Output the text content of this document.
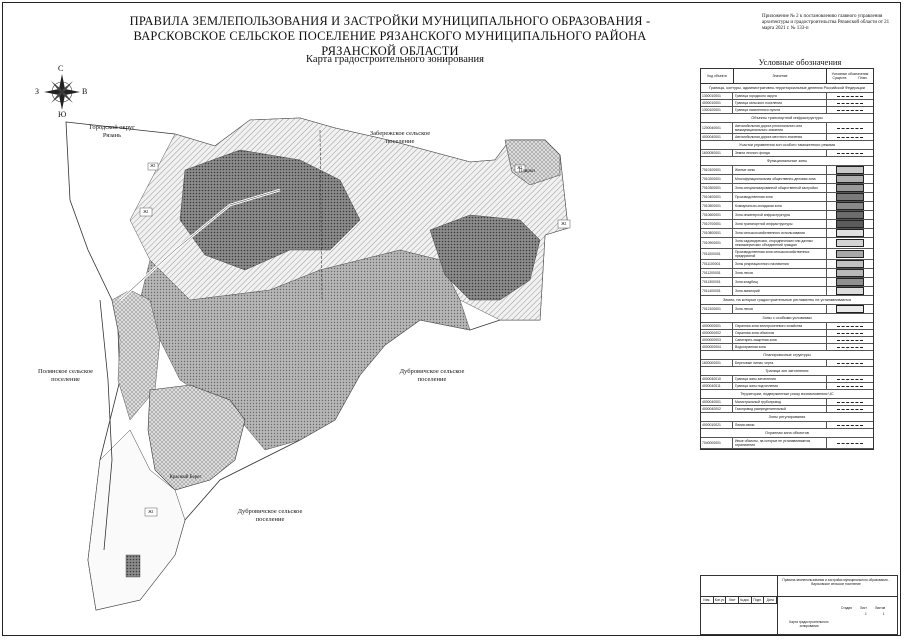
ПРАВИЛА ЗЕМЛЕПОЛЬЗОВАНИЯ И ЗАСТРОЙКИ МУНИЦИПАЛЬНОГО ОБРАЗОВАНИЯ - ВАРСКОВСКОЕ СЕЛЬСКОЕ ПОСЕЛЕНИЕ РЯЗАНСКОГО МУНИЦИПАЛЬНОГО РАЙОНА РЯЗАНСКОЙ ОБЛАСТИ
Карта градостроительного зонирования
Приложение № 2 к постановлению главного управления архитектуры и градостроительства Рязанской области от 21 марта 2021 г. № 133-п
С
Ю
З	В
Городской округ Рязань	Забережское сельское поселение
Поярки
Полянское сельское поселение
Дубровичское сельское поселение
Дубровичское сельское поселение
Красный Берег
Ж1
Ж1
Ж1
Ж1
Ж1
Условные обозначения
Код объекта	Значение	Условные обозначения
Существ.	План.
Границы, контуры, административно-территориальные деления Российской Федерации
1300010001	Граница городского округа
4000010001	Граница сельского поселения
1300100001	Граница населенного пункта
Объекты транспортной инфраструктуры
1200040001	Автомобильная дорога регионального или межмуниципального значения
4000040001	Автомобильная дорога местного значения
Участки управления зон особого таможенного режима
1600050001	Земли лесного фонда
Функциональные зоны
7010100001	Жилые зоны
7010200001	Многофункциональная общественно-деловая зона
7010300001	Зона специализированной общественной застройки
7010400001	Производственная зона
7010500001	Коммунально-складская зона
7010600001	Зона инженерной инфраструктуры
7010700001	Зона транспортной инфраструктуры
7010800001	Зона сельскохозяйственного использования
7010900001	Зона садоводческих, огороднических или дачных некоммерческих объединений граждан
7011000001	Производственная зона сельскохозяйственных предприятий
7011100001	Зоны рекреационного назначения
7011200001	Зона лесов
7011300001	Зона кладбищ
7011400001	Зона акваторий
Земли, на которые градостроительные регламенты не устанавливаются
7012100001	Зона лесов
Зоны с особыми условиями
4000000001	Охранная зона электросетевого хозяйства
4000000002	Охранная зона объектов
4000000003	Санитарно-защитная зона
4000000004	Водоохранная зона
Планировочные структуры
1600000001	Береговые линии, черта
Граница зон затопления
4000040010	Граница зоны затопления
4000040011	Граница зоны подтопления
Территории, подверженные риску возникновения ЧС
4000040001	Магистральный трубопровод
4000040002	Газопровод распределительный
Зоны регулирования
4000010021	Линия связи
Охранная зона объектов
7040000001	Иные объекты, на которые не устанавливаются ограничения
Правила землепользования и застройки муниципального образования - Варсковское сельское поселение
Изм.	Кол.уч	Лист	№док.	Подп.	Дата
Стадия	Лист	Листов
1	1
Карта градостроительного зонирования
